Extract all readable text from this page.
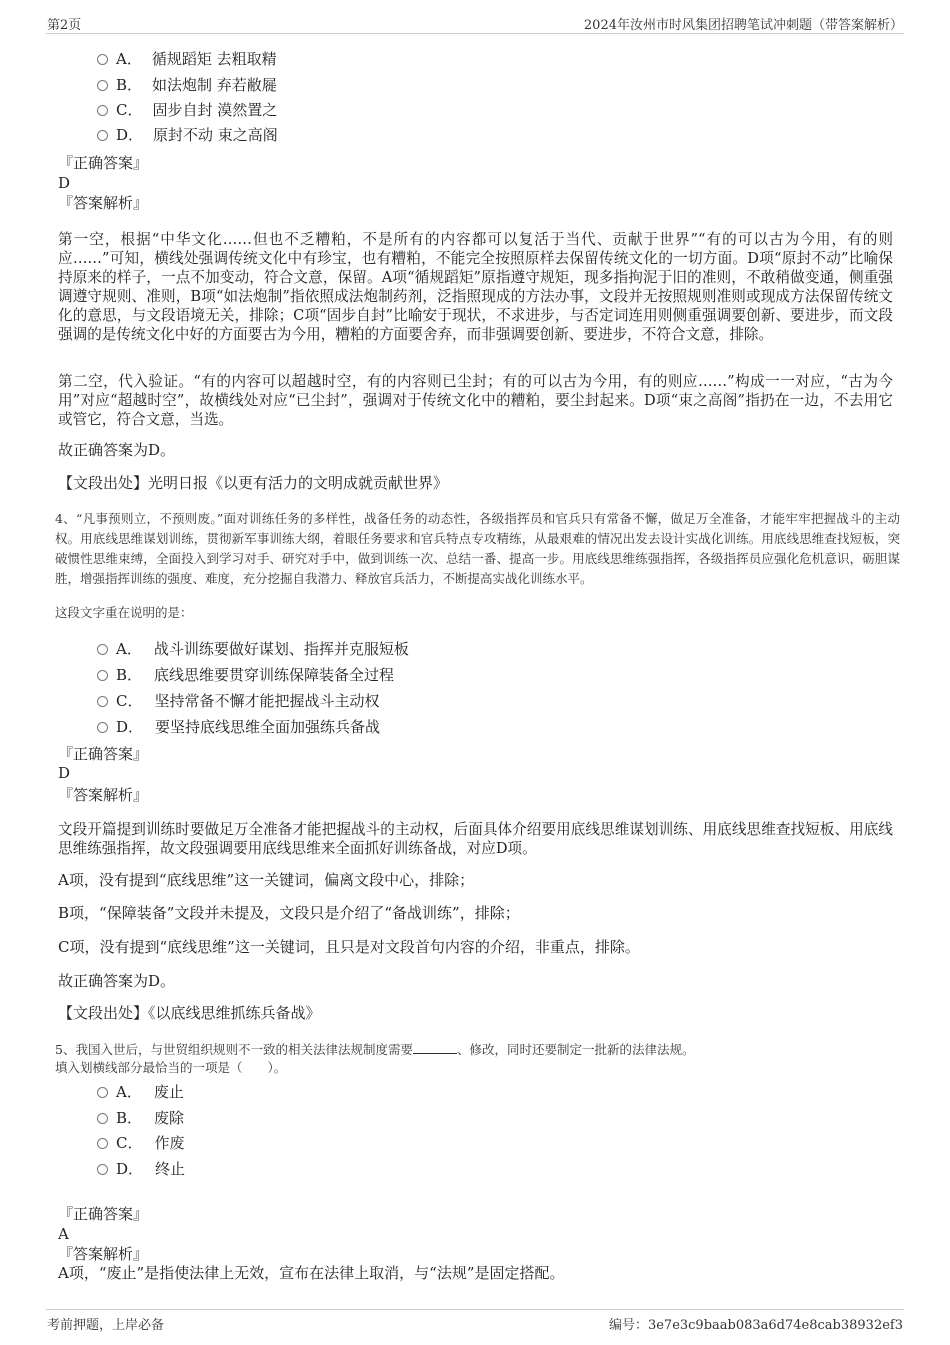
第2页	2024年汝州市时风集团招聘笔试冲刺题（带答案解析）
A． 循规蹈矩 去粗取精
B． 如法炮制 弃若敝屣
C． 固步自封 漠然置之
D． 原封不动 束之高阁
『正确答案』
D
『答案解析』
第一空，根据“中华文化……但也不乏糟粕，不是所有的内容都可以复活于当代、贡献于世界”“有的可以古为今用，有的则应……”可知，横线处强调传统文化中有珍宝，也有糟粕，不能完全按照原样去保留传统文化的一切方面。D项“原封不动”比喻保持原来的样子，一点不加变动，符合文意，保留。A项“循规蹈矩”原指遵守规矩，现多指拘泥于旧的准则，不敢稍做变通，侧重强调遵守规则、准则，B项“如法炮制”指依照成法炮制药剂，泛指照现成的方法办事，文段并无按照规则准则或现成方法保留传统文化的意思，与文段语境无关，排除；C项“固步自封”比喻安于现状，不求进步，与否定词连用则侧重强调要创新、要进步，而文段强调的是传统文化中好的方面要古为今用，糟粕的方面要舍弃，而非强调要创新、要进步，不符合文意，排除。
第二空，代入验证。“有的内容可以超越时空，有的内容则已尘封；有的可以古为今用，有的则应……”构成一一对应，“古为今用”对应“超越时空”，故横线处对应“已尘封”，强调对于传统文化中的糟粕，要尘封起来。D项“束之高阁”指扔在一边，不去用它或管它，符合文意，当选。
故正确答案为D。
【文段出处】光明日报《以更有活力的文明成就贡献世界》
4、“凡事预则立，不预则废。”面对训练任务的多样性，战备任务的动态性，各级指挥员和官兵只有常备不懈，做足万全准备，才能牢牢把握战斗的主动权。用底线思维谋划训练，贯彻新军事训练大纲，着眼任务要求和官兵特点专攻精练，从最艰难的情况出发去设计实战化训练。用底线思维查找短板，突破惯性思维束缚，全面投入到学习对手、研究对手中，做到训练一次、总结一番、提高一步。用底线思维练强指挥，各级指挥员应强化危机意识，砺胆谋胜，增强指挥训练的强度、难度，充分挖掘自我潜力、释放官兵活力，不断提高实战化训练水平。
这段文字重在说明的是：
A． 战斗训练要做好谋划、指挥并克服短板
B． 底线思维要贯穿训练保障装备全过程
C． 坚持常备不懈才能把握战斗主动权
D． 要坚持底线思维全面加强练兵备战
『正确答案』
D
『答案解析』
文段开篇提到训练时要做足万全准备才能把握战斗的主动权，后面具体介绍要用底线思维谋划训练、用底线思维查找短板、用底线思维练强指挥，故文段强调要用底线思维来全面抓好训练备战，对应D项。
A项，没有提到“底线思维”这一关键词，偏离文段中心，排除；
B项，“保障装备”文段并未提及，文段只是介绍了“备战训练”，排除；
C项，没有提到“底线思维”这一关键词，且只是对文段首句内容的介绍，非重点，排除。
故正确答案为D。
【文段出处】《以底线思维抓练兵备战》
5、我国入世后，与世贸组织规则不一致的相关法律法规制度需要	、修改，同时还要制定一批新的法律法规。
填入划横线部分最恰当的一项是（　　）。
A． 废止
B． 废除
C． 作废
D． 终止
『正确答案』
A
『答案解析』
A项，“废止”是指使法律上无效，宣布在法律上取消，与“法规”是固定搭配。
考前押题，上岸必备	编号：3e7e3c9baab083a6d74e8cab38932ef3
